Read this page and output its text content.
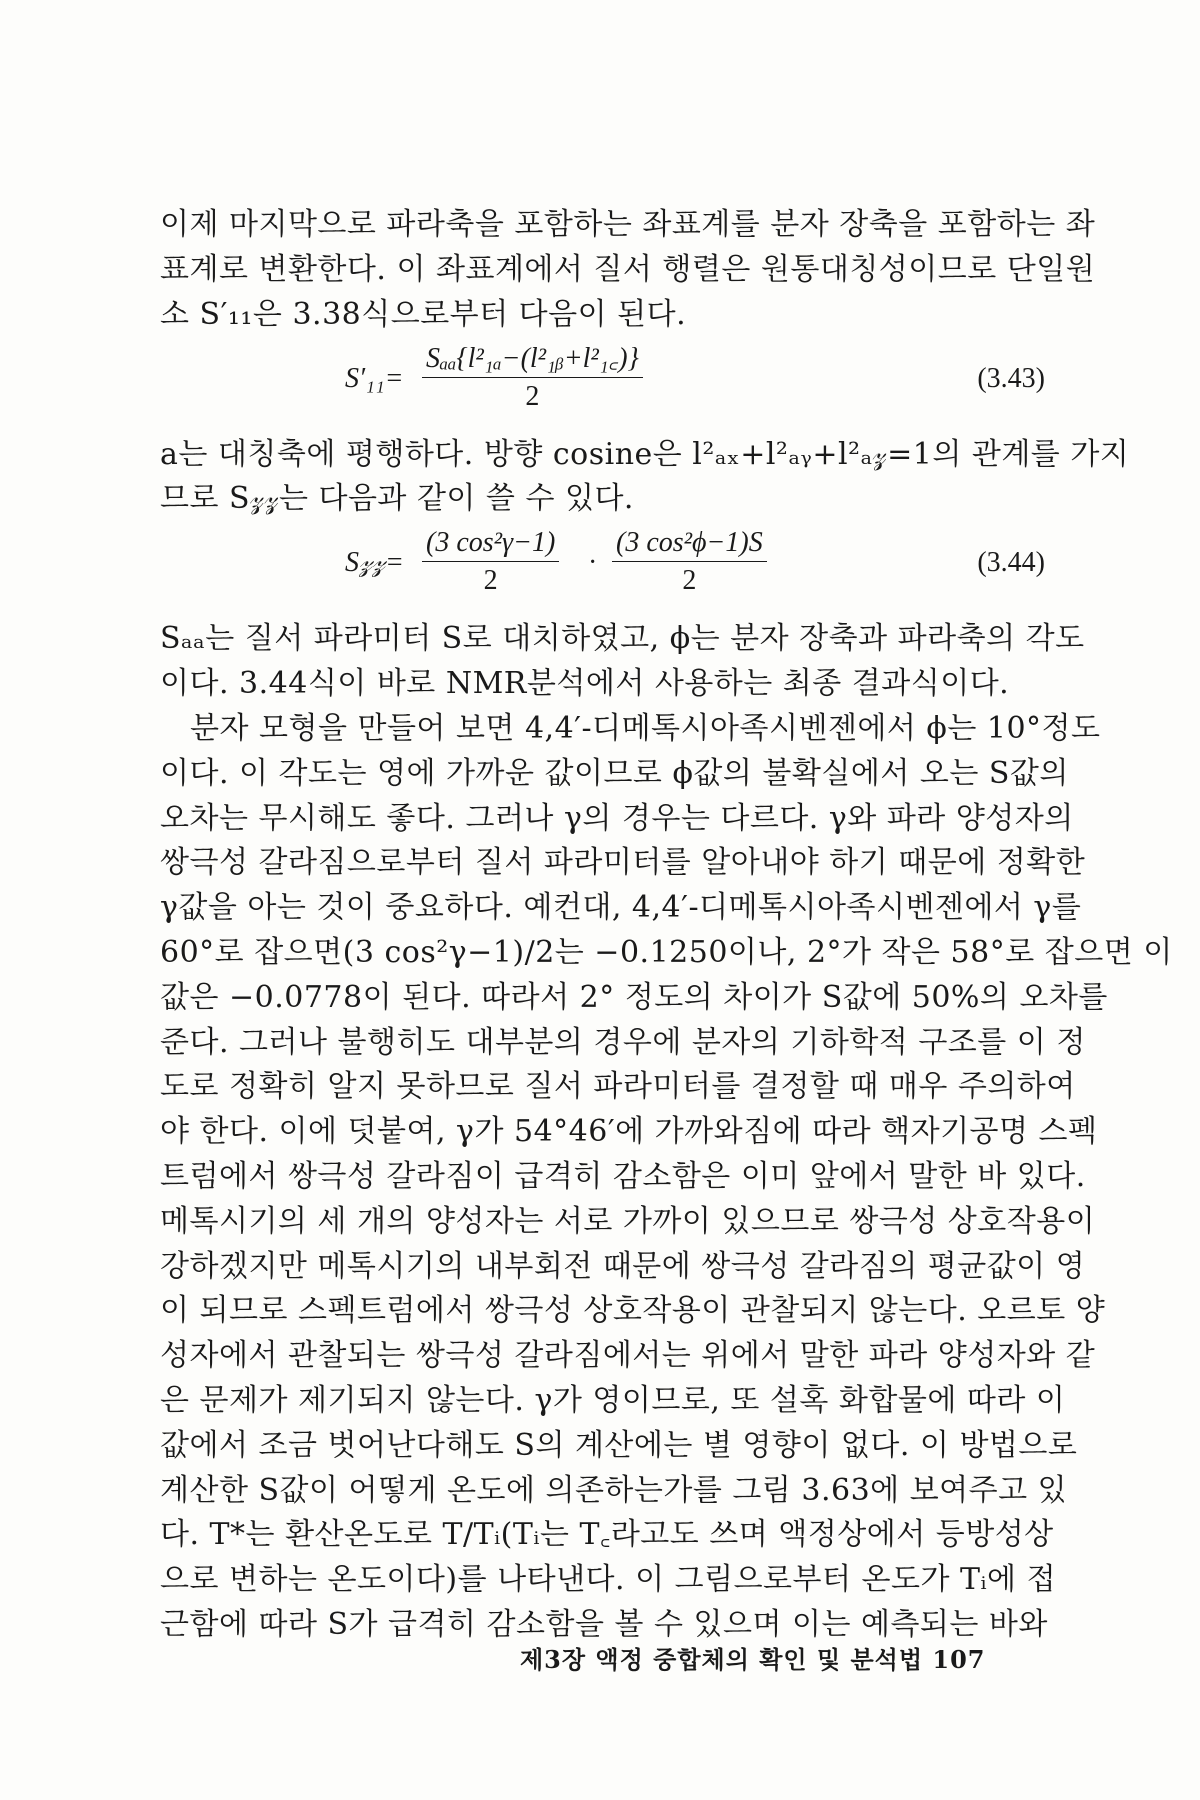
이제 마지막으로 파라축을 포함하는 좌표계를 분자 장축을 포함하는 좌
표계로 변환한다. 이 좌표계에서 질서 행렬은 원통대칭성이므로 단일원
소 S′₁₁은 3.38식으로부터 다음이 된다.
S′₁₁=
Sₐₐ{l²₁ₐ−(l²₁ᵦ+l²₁꜀)}
2
(3.43)
a는 대칭축에 평행하다. 방향 cosine은 l²ₐₓ+l²ₐᵧ+l²ₐ𝓏=1의 관계를 가지
므로 S𝓏𝓏는 다음과 같이 쓸 수 있다.
S𝓏𝓏= $\frac{\text{(3 cos²γ−1)}}{2} \cdot \frac{\text{(3 cos²ϕ−1)S}}{2}$	(3.44)
Sₐₐ는 질서 파라미터 S로 대치하였고, ϕ는 분자 장축과 파라축의 각도
이다. 3.44식이 바로 NMR분석에서 사용하는 최종 결과식이다.
분자 모형을 만들어 보면 4,4′-디메톡시아족시벤젠에서 ϕ는 10°정도
이다. 이 각도는 영에 가까운 값이므로 ϕ값의 불확실에서 오는 S값의
오차는 무시해도 좋다. 그러나 γ의 경우는 다르다. γ와 파라 양성자의
쌍극성 갈라짐으로부터 질서 파라미터를 알아내야 하기 때문에 정확한
γ값을 아는 것이 중요하다. 예컨대, 4,4′-디메톡시아족시벤젠에서 γ를
60°로 잡으면(3 cos²γ−1)/2는 −0.1250이나, 2°가 작은 58°로 잡으면 이
값은 −0.0778이 된다. 따라서 2° 정도의 차이가 S값에 50%의 오차를
준다. 그러나 불행히도 대부분의 경우에 분자의 기하학적 구조를 이 정
도로 정확히 알지 못하므로 질서 파라미터를 결정할 때 매우 주의하여
야 한다. 이에 덧붙여, γ가 54°46′에 가까와짐에 따라 핵자기공명 스펙
트럼에서 쌍극성 갈라짐이 급격히 감소함은 이미 앞에서 말한 바 있다.
메톡시기의 세 개의 양성자는 서로 가까이 있으므로 쌍극성 상호작용이
강하겠지만 메톡시기의 내부회전 때문에 쌍극성 갈라짐의 평균값이 영
이 되므로 스펙트럼에서 쌍극성 상호작용이 관찰되지 않는다. 오르토 양
성자에서 관찰되는 쌍극성 갈라짐에서는 위에서 말한 파라 양성자와 같
은 문제가 제기되지 않는다. γ가 영이므로, 또 설혹 화합물에 따라 이
값에서 조금 벗어난다해도 S의 계산에는 별 영향이 없다. 이 방법으로
계산한 S값이 어떻게 온도에 의존하는가를 그림 3.63에 보여주고 있
다. T*는 환산온도로 T/Tᵢ(Tᵢ는 T꜀라고도 쓰며 액정상에서 등방성상
으로 변하는 온도이다)를 나타낸다. 이 그림으로부터 온도가 Tᵢ에 접
근함에 따라 S가 급격히 감소함을 볼 수 있으며 이는 예측되는 바와
제3장 액정 중합체의 확인 및 분석법 107
